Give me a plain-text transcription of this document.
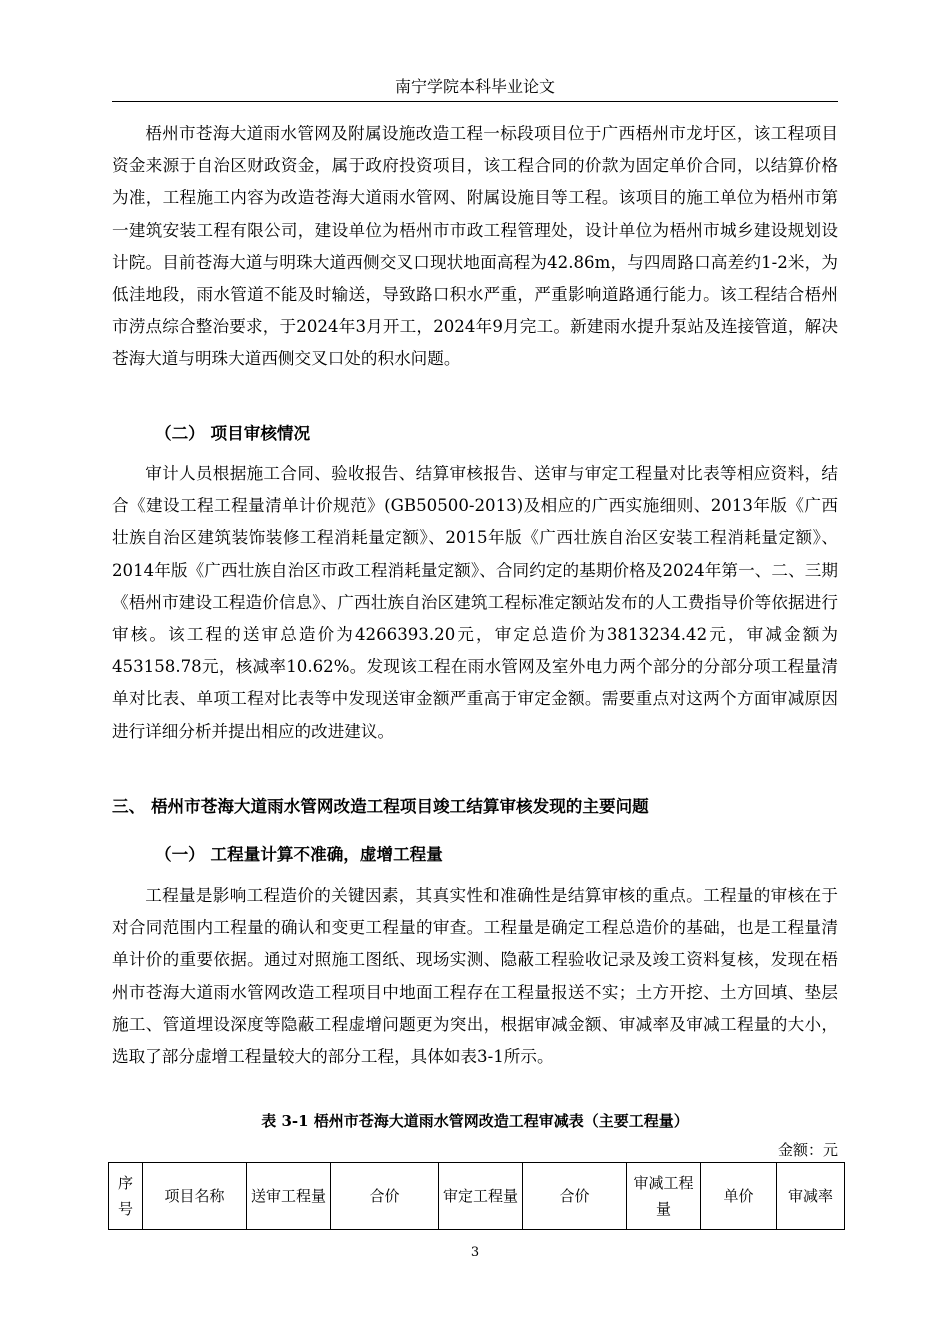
南宁学院本科毕业论文

梧州市苍海大道雨水管网及附属设施改造工程一标段项目位于广西梧州市龙圩区，该工程项目资金来源于自治区财政资金，属于政府投资项目，该工程合同的价款为固定单价合同，以结算价格为准，工程施工内容为改造苍海大道雨水管网、附属设施目等工程。该项目的施工单位为梧州市第一建筑安装工程有限公司，建设单位为梧州市市政工程管理处，设计单位为梧州市城乡建设规划设计院。目前苍海大道与明珠大道西侧交叉口现状地面高程为42.86m，与四周路口高差约1-2米，为低洼地段，雨水管道不能及时输送，导致路口积水严重，严重影响道路通行能力。该工程结合梧州市涝点综合整治要求，于2024年3月开工，2024年9月完工。新建雨水提升泵站及连接管道，解决苍海大道与明珠大道西侧交叉口处的积水问题。

（二） 项目审核情况

审计人员根据施工合同、验收报告、结算审核报告、送审与审定工程量对比表等相应资料，结合《建设工程工程量清单计价规范》(GB50500-2013)及相应的广西实施细则、2013年版《广西壮族自治区建筑装饰装修工程消耗量定额》、2015年版《广西壮族自治区安装工程消耗量定额》、2014年版《广西壮族自治区市政工程消耗量定额》、合同约定的基期价格及2024年第一、二、三期《梧州市建设工程造价信息》、广西壮族自治区建筑工程标准定额站发布的人工费指导价等依据进行审核。该工程的送审总造价为4266393.20元，审定总造价为3813234.42元，审减金额为453158.78元，核减率10.62%。发现该工程在雨水管网及室外电力两个部分的分部分项工程量清单对比表、单项工程对比表等中发现送审金额严重高于审定金额。需要重点对这两个方面审减原因进行详细分析并提出相应的改进建议。

三、 梧州市苍海大道雨水管网改造工程项目竣工结算审核发现的主要问题
（一） 工程量计算不准确，虚增工程量

工程量是影响工程造价的关键因素，其真实性和准确性是结算审核的重点。工程量的审核在于对合同范围内工程量的确认和变更工程量的审查。工程量是确定工程总造价的基础，也是工程量清单计价的重要依据。通过对照施工图纸、现场实测、隐蔽工程验收记录及竣工资料复核，发现在梧州市苍海大道雨水管网改造工程项目中地面工程存在工程量报送不实；土方开挖、土方回填、垫层施工、管道埋设深度等隐蔽工程虚增问题更为突出，根据审减金额、审减率及审减工程量的大小，选取了部分虚增工程量较大的部分工程，具体如表3-1所示。

表 3-1 梧州市苍海大道雨水管网改造工程审减表（主要工程量）
金额：元
序号	项目名称	送审工程量	合价	审定工程量	合价	审减工程量	单价	审减率
3
